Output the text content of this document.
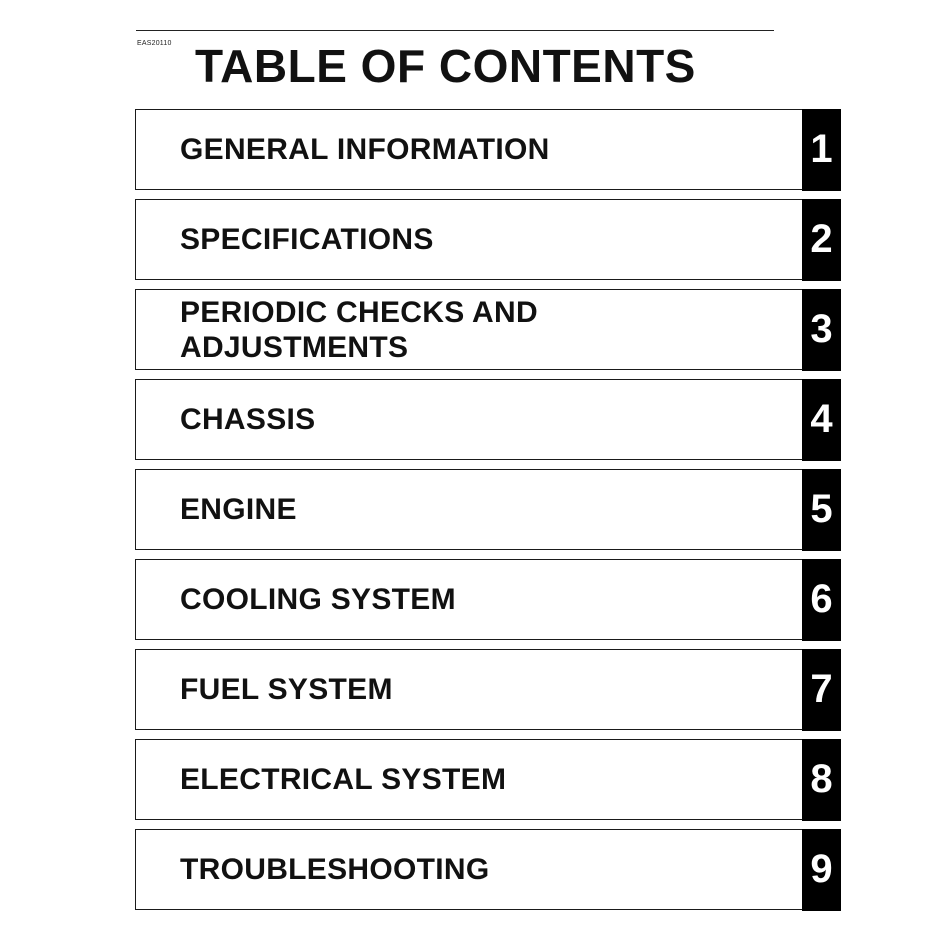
EAS20110 TABLE OF CONTENTS
GENERAL INFORMATION	1
SPECIFICATIONS	2
PERIODIC CHECKS AND
ADJUSTMENTS	3
CHASSIS	4
ENGINE	5
COOLING SYSTEM	6
FUEL SYSTEM	7
ELECTRICAL SYSTEM	8
TROUBLESHOOTING	9
